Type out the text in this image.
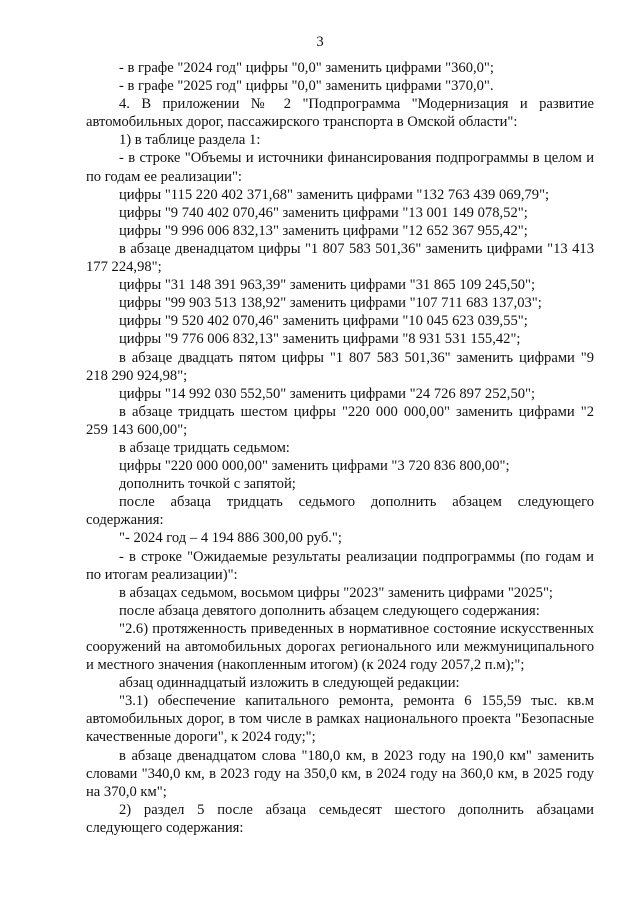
3

- в графе "2024 год" цифры "0,0" заменить цифрами "360,0";

- в графе "2025 год" цифры "0,0" заменить цифрами "370,0".

4. В приложении № 2 "Подпрограмма "Модернизация и развитие автомобильных дорог, пассажирского транспорта в Омской области":

1) в таблице раздела 1:

- в строке "Объемы и источники финансирования подпрограммы в целом и по годам ее реализации":

цифры "115 220 402 371,68" заменить цифрами "132 763 439 069,79";

цифры "9 740 402 070,46" заменить цифрами "13 001 149 078,52";

цифры "9 996 006 832,13" заменить цифрами "12 652 367 955,42";

в абзаце двенадцатом цифры "1 807 583 501,36" заменить цифрами "13 413 177 224,98";

цифры "31 148 391 963,39" заменить цифрами "31 865 109 245,50";

цифры "99 903 513 138,92" заменить цифрами "107 711 683 137,03";

цифры "9 520 402 070,46" заменить цифрами "10 045 623 039,55";

цифры "9 776 006 832,13" заменить цифрами "8 931 531 155,42";

в абзаце двадцать пятом цифры "1 807 583 501,36" заменить цифрами "9 218 290 924,98";

цифры "14 992 030 552,50" заменить цифрами "24 726 897 252,50";

в абзаце тридцать шестом цифры "220 000 000,00" заменить цифрами "2 259 143 600,00";

в абзаце тридцать седьмом:

цифры "220 000 000,00" заменить цифрами "3 720 836 800,00";

дополнить точкой с запятой;

после абзаца тридцать седьмого дополнить абзацем следующего содержания:

"- 2024 год – 4 194 886 300,00 руб.";

- в строке "Ожидаемые результаты реализации подпрограммы (по годам и по итогам реализации)":

в абзацах седьмом, восьмом цифры "2023" заменить цифрами "2025";

после абзаца девятого дополнить абзацем следующего содержания:

"2.6) протяженность приведенных в нормативное состояние искусственных сооружений на автомобильных дорогах регионального или межмуниципального и местного значения (накопленным итогом) (к 2024 году 2057,2 п.м);";

абзац одиннадцатый изложить в следующей редакции:

"3.1) обеспечение капитального ремонта, ремонта 6 155,59 тыс. кв.м автомобильных дорог, в том числе в рамках национального проекта "Безопасные качественные дороги", к 2024 году;";

в абзаце двенадцатом слова "180,0 км, в 2023 году на 190,0 км" заменить словами "340,0 км, в 2023 году на 350,0 км, в 2024 году на 360,0 км, в 2025 году на 370,0 км";

2) раздел 5 после абзаца семьдесят шестого дополнить абзацами следующего содержания:
